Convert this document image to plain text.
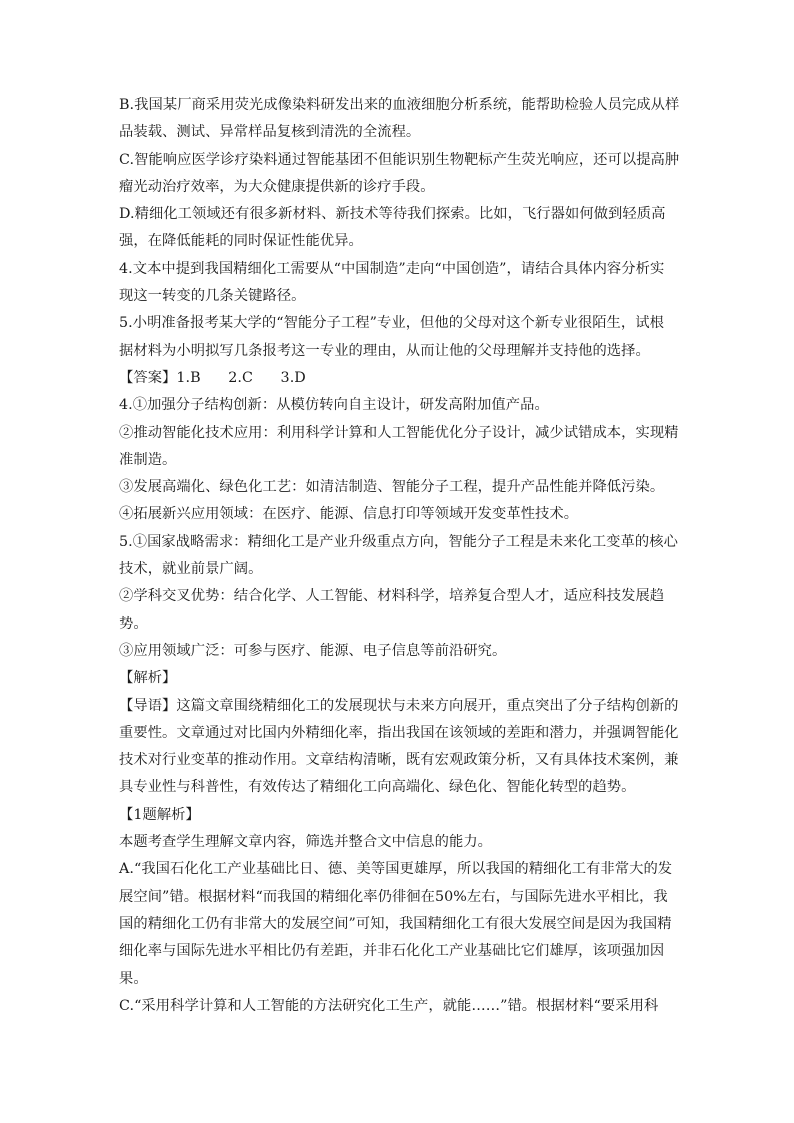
B.我国某厂商采用荧光成像染料研发出来的血液细胞分析系统，能帮助检验人员完成从样
品装载、测试、异常样品复核到清洗的全流程。
C.智能响应医学诊疗染料通过智能基团不但能识别生物靶标产生荧光响应，还可以提高肿
瘤光动治疗效率，为大众健康提供新的诊疗手段。
D.精细化工领域还有很多新材料、新技术等待我们探索。比如，飞行器如何做到轻质高
强，在降低能耗的同时保证性能优异。
4.文本中提到我国精细化工需要从“中国制造”走向“中国创造”，请结合具体内容分析实
现这一转变的几条关键路径。
5.小明准备报考某大学的“智能分子工程”专业，但他的父母对这个新专业很陌生，试根
据材料为小明拟写几条报考这一专业的理由，从而让他的父母理解并支持他的选择。
【答案】1.B      2.C      3.D
4.①加强分子结构创新：从模仿转向自主设计，研发高附加值产品。
②推动智能化技术应用：利用科学计算和人工智能优化分子设计，减少试错成本，实现精
准制造。
③发展高端化、绿色化工艺：如清洁制造、智能分子工程，提升产品性能并降低污染。
④拓展新兴应用领域：在医疗、能源、信息打印等领域开发变革性技术。
5.①国家战略需求：精细化工是产业升级重点方向，智能分子工程是未来化工变革的核心
技术，就业前景广阔。
②学科交叉优势：结合化学、人工智能、材料科学，培养复合型人才，适应科技发展趋
势。
③应用领域广泛：可参与医疗、能源、电子信息等前沿研究。
【解析】
【导语】这篇文章围绕精细化工的发展现状与未来方向展开，重点突出了分子结构创新的
重要性。文章通过对比国内外精细化率，指出我国在该领域的差距和潜力，并强调智能化
技术对行业变革的推动作用。文章结构清晰，既有宏观政策分析，又有具体技术案例，兼
具专业性与科普性，有效传达了精细化工向高端化、绿色化、智能化转型的趋势。
【1题解析】
本题考查学生理解文章内容，筛选并整合文中信息的能力。
A.“我国石化化工产业基础比日、德、美等国更雄厚，所以我国的精细化工有非常大的发
展空间”错。根据材料“而我国的精细化率仍徘徊在50%左右，与国际先进水平相比，我
国的精细化工仍有非常大的发展空间”可知，我国精细化工有很大发展空间是因为我国精
细化率与国际先进水平相比仍有差距，并非石化化工产业基础比它们雄厚，该项强加因
果。
C.“采用科学计算和人工智能的方法研究化工生产，就能……”错。根据材料“要采用科
